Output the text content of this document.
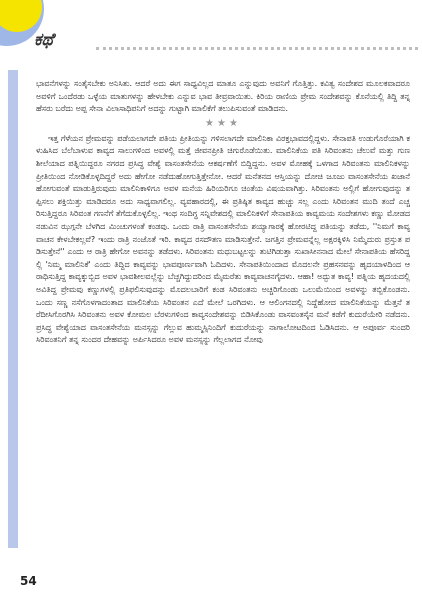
ಕಥೆ

ಭಾವನೆಗಳನ್ನು ಸಂತೈಸಬೇಕು ಅನಿಸಿತು. ಆದರೆ ಅದು ಈಗ ಸಾಧ್ಯವಿಲ್ಲದ ಮಾತೂ ಎನ್ನುವುದು ಅವನಿಗೆ ಗೊತ್ತಿತ್ತು. ಕವಿತ್ವ ಸಂದೇಶದ ಮೂಲಕವಾದರೂ ಅವಳಿಗೆ ಒಂದೆರಡು ಒಳ್ಳೆಯ ಮಾತುಗಳನ್ನು ಹೇಳಬೇಕು ಎನ್ನುವ ಭಾವ ತೀವ್ರವಾಯಿತು. ಕಿರಿಯ ರಾಣಿಯ ಪ್ರೇಮ ಸಂದೇಶವನ್ನು ಕೊನೆಯಲ್ಲಿ ತಿದ್ದಿ ತನ್ನ ಹೆಸರು ಬರೆದು ಅಪ್ಪ ಸೇನಾ ವಿಲಾಸಾಧಿಪನಿಗೆ ಅದನ್ನು ಗುಟ್ಟಾಗಿ ಮಾಲಿಕೆಗೆ ತಲುಪಿಸುವಂತೆ ಮಾಡಿದನು.

★★★

ಇತ್ತ ಗೆಳೆಯನ ಪ್ರೇಮವನ್ನು ಪಡೆಯಲಾಗದೇ ಪತಿಯ ಪ್ರೀತಿಯನ್ನು ಗಳಿಸಲಾಗದೇ ಮಾಲಿನಿಕಾ ವಿರಕ್ತಭಾವದಲ್ಲಿದ್ದಳು. ಸೇನಾಪತಿ ಉಡುಗೊರೆಯಾಗಿ ಕಳುಹಿಸಿದ ಬೆಲೆಬಾಳುವ ಕಾವ್ಯದ ಸಾಲುಗಳಿಂದ ಅವಳಲ್ಲಿ ಮತ್ತೆ ಜೀವನಪ್ರೀತಿ ಚಿಗುರೊಡೆಯಿತು. ಮಾಲಿನಿಕೆಯ ಪತಿ ಸಿರಿವಂತನು ಚೆಲುವೆ ಮತ್ತು ಗುಣಶೀಲೆಯಾದ ಪತ್ನಿಯಿದ್ದರೂ ನಗರದ ಪ್ರಸಿದ್ಧ ವೇಶ್ಯೆ ವಾಸಂತಸೇನೆಯ ಆಕರ್ಷಣೆಗೆ ಬಿದ್ದಿದ್ದನು. ಅವಳ ಮೋಹಕ್ಕೆ ಒಳಗಾದ ಸಿರಿವಂತನು ಮಾಲಿನಿಕಳನ್ನು ಪ್ರೀತಿಯಿಂದ ನೋಡಿಕೊಳ್ಳದಿದ್ದರೆ ಅದು ಹೇಗೋ ನಡೆದುಹೋಗುತ್ತಿತ್ತೇನೋ. ಆದರೆ ಮನೆತನದ ಆಸ್ತಿಯನ್ನು ದೋಚಿ ಜೂಜು ವಾಸಂತಸೇನೆಯ ಖಜಾನೆ ಹೋಗುವಂತೆ ಮಾಡುತ್ತಿರುವುದು ಮಾಲಿನಿಕಾಳಿಗೂ ಅವಳ ಮನೆಯ ಹಿರಿಯರಿಗೂ ಚಿಂತೆಯ ವಿಷಯವಾಗಿತ್ತು. ಸಿರಿವಂತನು ಅಲ್ಲಿಗೆ ಹೋಗುವುದನ್ನು ತಪ್ಪಿಸಲು ಶಕ್ತಿಯಿತ್ತು ಮಾಡಿದರೂ ಅದು ಸಾಧ್ಯವಾಗಲಿಲ್ಲ. ವ್ಯವಹಾರದಲ್ಲಿ, ಈ ಪ್ರತಿಷ್ಠಿತ ಕಾವ್ಯದ ಹುಚ್ಚು ಸಲ್ಲ ಎಂದು ಸಿರಿವಂತನ ಮುದಿ ತಂದೆ ಎಚ್ಚರಿಸುತ್ತಿದ್ದರೂ ಸಿರಿವಂತ ಗಣನೆಗೆ ತೆಗೆದುಕೊಳ್ಳಲಿಲ್ಲ. ಇಂಥ ಸಂದಿಗ್ಧ ಸನ್ನಿವೇಶದಲ್ಲಿ ಮಾಲಿನಿಕಳಿಗೆ ಸೇನಾಪತಿಯ ಕಾವ್ಯಮಯ ಸಂದೇಶಗಳು ಕಣ್ಣು ಮೋಡದ ನಡುವಿನ ಝಗ್ಗನೇ ಬೆಳಗಿದ ಮಿಂಚುಗಳಂತೆ ಕಂಡವು. ಒಂದು ರಾತ್ರಿ ವಾಸಂತಸೇನೆಯ ಶಯ್ಯಾಗಾರಕ್ಕೆ ಹೋರಟಿದ್ದ ಪತಿಯನ್ನು ತಡೆದು, ''ನಿಮಗೆ ಕಾವ್ಯ ವಾಚನ ಕೇಳಬೇಕಲ್ಲವೆ? ಇಂದು ರಾತ್ರಿ ನಂಜೊತೆ ಇರಿ. ಕಾವ್ಯದ ರಸದೌತಣ ಮಾಡಿಸುತ್ತೇನೆ. ಜಗತ್ತಿನ ಪ್ರೇಮವನ್ನೆಲ್ಲ ಅಕ್ಷರಕ್ಕಿಳಿಸಿ ನಿಮ್ಮೆದುರು ಪ್ರಸ್ತುತ ಪಡಿಸುತ್ತೇನೆ'' ಎಂದು ಆ ರಾತ್ರಿ ಹೇಗೋ ಅವನನ್ನು ತಡೆದಳು. ಸಿರಿವಂತನು ಮಧುಬಟ್ಟಲನ್ನು ತುಟಿಗಿಡುತ್ತಾ ಸುಖಾಸೀನನಾದ ಮೇಲೆ ಸೇನಾಪತಿಯ ಹೆಸರಿದ್ದಲ್ಲಿ 'ನಿಮ್ಮ ಮಾಲಿನಿಕೆ' ಎಂದು ತಿದ್ದಿದ ಕಾವ್ಯವನ್ನು ಭಾವಪೂರ್ಣವಾಗಿ ಓದಿದಳು. ಸೇನಾಪತಿಯಿಂದಾದ ಮೊದಲನೇ ಪ್ರಹಸನವನ್ನು ಹೃದಯಾಳದಿಂದ ಆರಾಧಿಸುತ್ತಿದ್ದ ಕಾವ್ಯಕ್ಕುಬ್ಬಿದ ಅವಳ ಭಾವಶೀಲವಲ್ಲೆನ್ನು ಬೆಚ್ಚಗಿದ್ದುದರಿಂದ ಮೈಮರೆತು ಕಾವ್ಯವಾಚನಗೈದಳು. ಆಹಾ! ಅದ್ಭುತ ಕಾವ್ಯ! ಪತ್ನಿಯ ಹೃದಯದಲ್ಲಿ ಅವಿತಿದ್ದ ಪ್ರೇಮವು ಕಣ್ಣುಗಳಲ್ಲಿ ಪ್ರತಿಫಲಿಸುವುದನ್ನು ಮೊದಲಬಾರಿಗೆ ಕಂಡ ಸಿರಿವಂತನು ಅಚ್ಚರಿಗೊಂಡು ಒಲುಮೆಯಿಂದ ಅವಳನ್ನು ತಬ್ಬಿಕೊಂಡನು. ಒಂದು ಸಣ್ಣ ನಸೆಗೊಳಗಾದಂತಾದ ಮಾಲಿನಿಕೆಯ ಸಿರಿವಂತನ ಎದೆ ಮೇಲೆ ಒರಗಿದಳು. ಆ ಆಲಿಂಗನದಲ್ಲಿ ನಿದ್ದೆಹೋದ ಮಾಲಿನಿಕೆಯನ್ನು ಮೆತ್ತನೆ ತರೆದೀಸಿಗೊರಗಿಸಿ ಸಿರಿವಂತನು ಅವಳ ಕೋಮಲ ಬೆರಳುಗಳಿಂದ ಕಾವ್ಯಸಂದೇಶವನ್ನು ಬಿಡಿಸಿಕೊಂಡು ವಾಸವಂತಸೈನ ಮನೆ ಕಡೆಗೆ ಕುದುರೆಯೇರಿ ನಡೆದನು. ಪ್ರಸಿದ್ಧ ವೇಶ್ಯೆಯಾದ ವಾಸಂತಸೇನೆಯ ಮನಸ್ಸನ್ನು ಗೆಲ್ಲುವ ಹುಮ್ಮಸ್ಸಿನಿಂದಿಗೆ ಕುದುರೆಯನ್ನು ನಾಗಾಲೋಟದಿಂದ ಓಡಿಸಿದನು. ಆ ಅಪೂರ್ವ ಸುಂದರಿ ಸಿರಿವಂತನಿಗೆ ತನ್ನ ಸುಂದರ ದೇಹವನ್ನು ಅರ್ಪಿಸಿದರೂ ಅವಳ ಮನಸ್ಸನ್ನು ಗೆಲ್ಲಲಾಗದ ನೋವು

54
